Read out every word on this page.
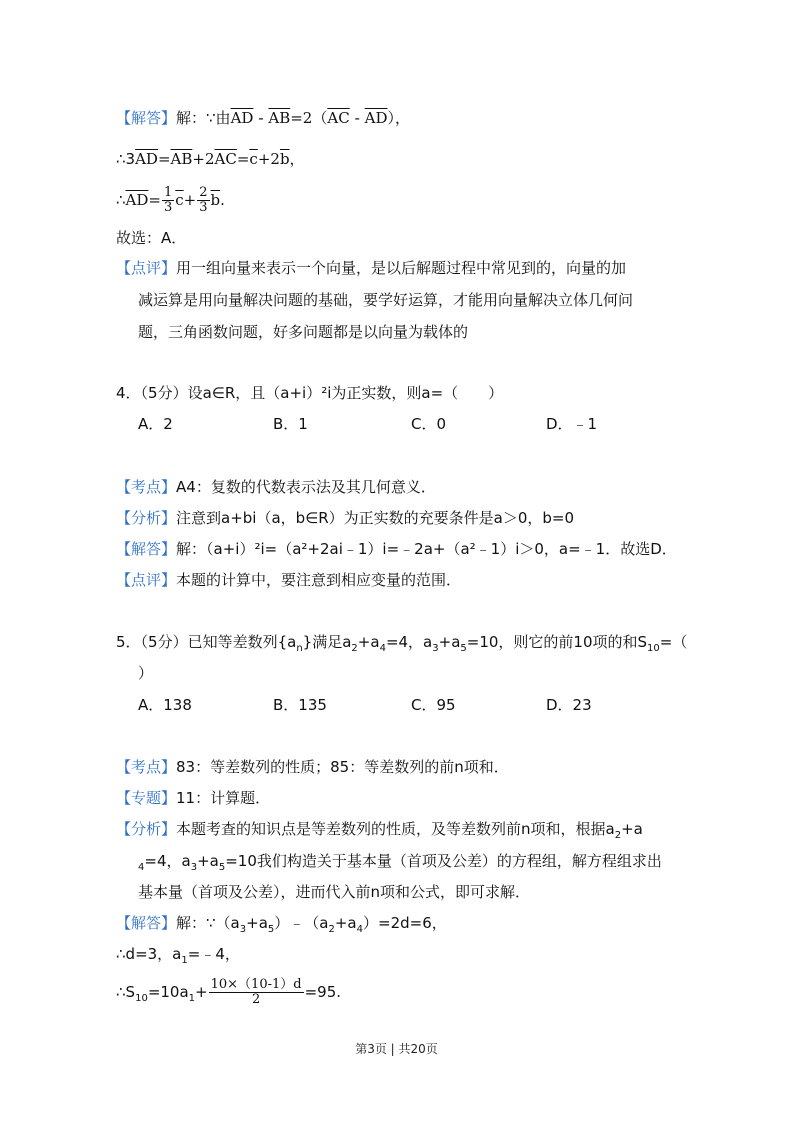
【解答】解：∵由$\overline{AD} - \overline{AB}=2(\overline{AC} - \overline{AD})$，
$\therefore 3\overline{AD}=\overline{AB}+2\overline{AC}=\overline{c}+2\overline{b}$，
$\therefore\overline{AD}= \frac{1}{3} \overline{c}+ \frac{2}{3} \overline{b}$.
故选：A．
【点评】用一组向量来表示一个向量，是以后解题过程中常见到的，向量的加
减运算是用向量解决问题的基础，要学好运算，才能用向量解决立体几何问
题，三角函数问题，好多问题都是以向量为载体的
4．（5分）设a∈R，且（a+i）²i为正实数，则a=（　　）
A．2	B．1	C．0	D．﹣1
【考点】A4：复数的代数表示法及其几何意义．
【分析】注意到a+bi（a，b∈R）为正实数的充要条件是a＞0，b=0
【解答】解：（a+i）²i=（a²+2ai﹣1）i=﹣2a+（a²﹣1）i＞0，a=﹣1．故选D．
【点评】本题的计算中，要注意到相应变量的范围．
5．（5分）已知等差数列$\{a_n\}$满足$a_2+a_4=4$，$a_3+a_5=10$，则它的前10项的和$S_{10}=$（
）
A．138	B．135	C．95	D．23
【考点】83：等差数列的性质；85：等差数列的前n项和．
【专题】11：计算题．
【分析】本题考查的知识点是等差数列的性质，及等差数列前n项和，根据$a_2+a$
$_4$=4，$a_3+a_5=10$我们构造关于基本量（首项及公差）的方程组，解方程组求出
基本量（首项及公差），进而代入前n项和公式，即可求解．
【解答】解：$\because(a_3+a_5)﹣(a_2+a_4)=2d=6$，
∴d=3，$a_1=﹣4$，
$\therefore S_{10}=10a_1+ \frac{10\times(10-1)d}{2} =95$.
第3页 | 共20页
